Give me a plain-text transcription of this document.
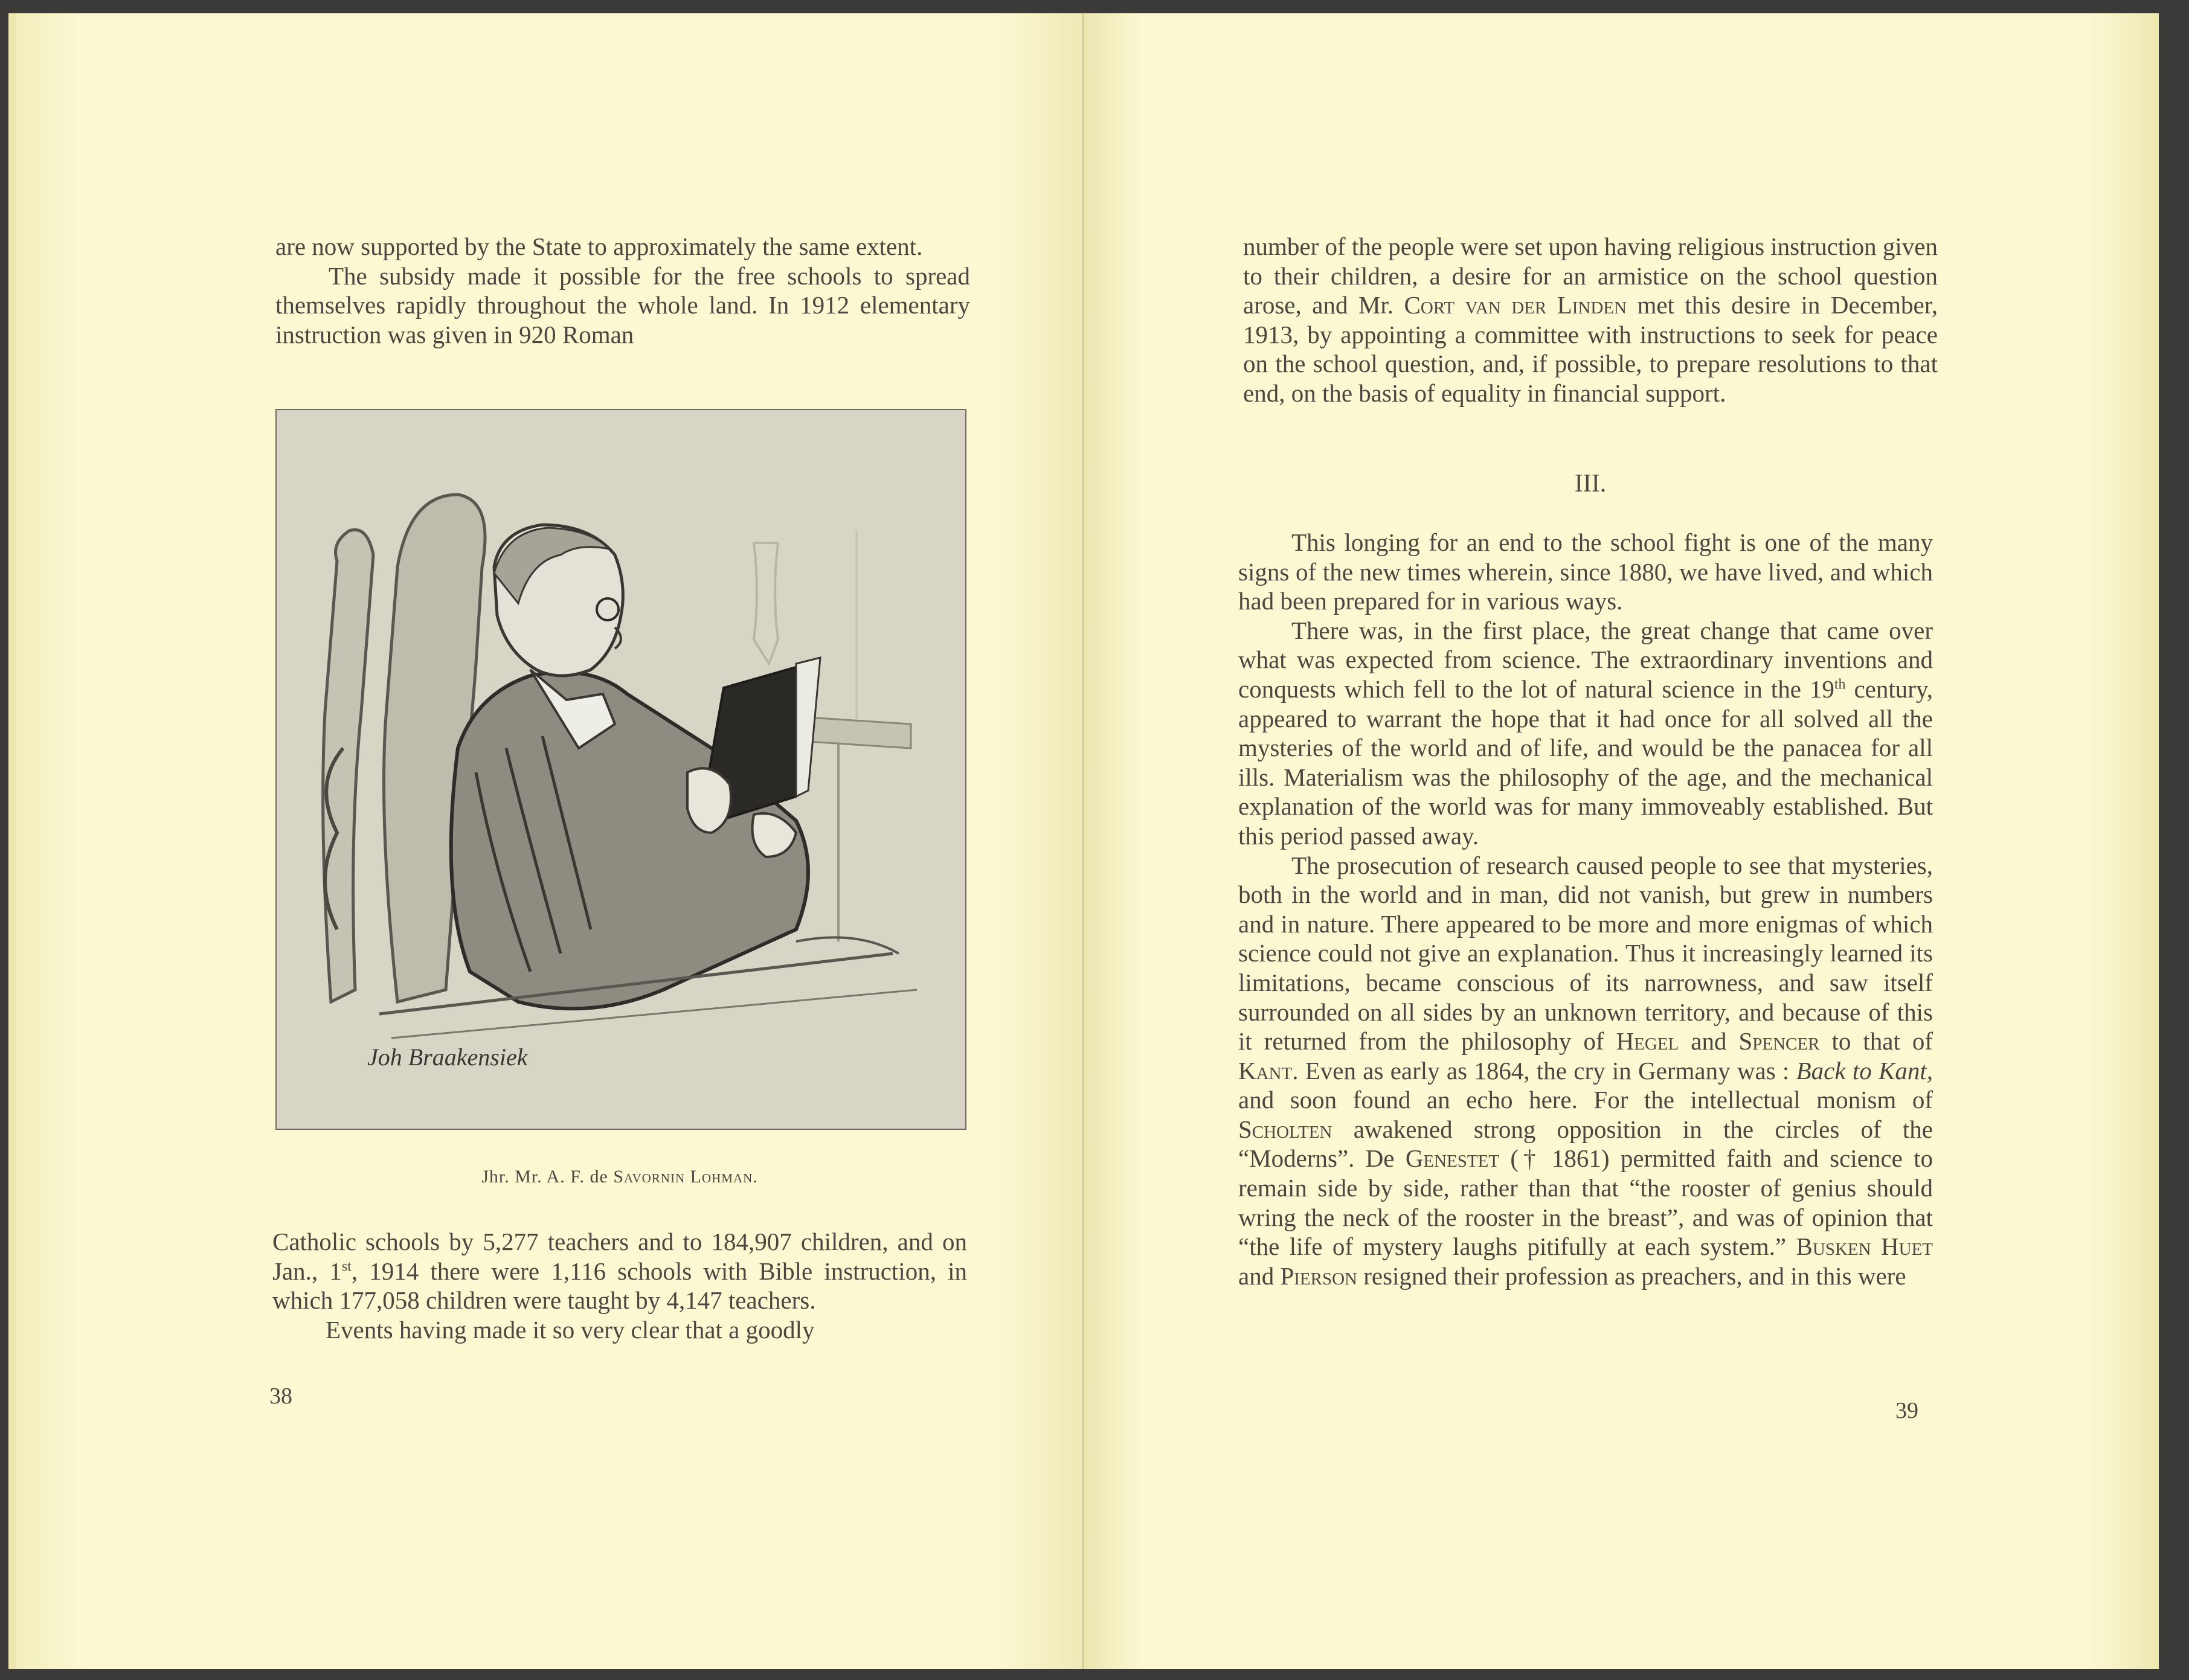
are now supported by the State to approximately the same extent.

The subsidy made it possible for the free schools to spread themselves rapidly throughout the whole land. In 1912 elementary instruction was given in 920 Roman

Joh Braakensiek
Jhr. Mr. A. F. de Savornin Lohman.

Catholic schools by 5,277 teachers and to 184,907 children, and on Jan., 1st, 1914 there were 1,116 schools with Bible instruction, in which 177,058 children were taught by 4,147 teachers.

Events having made it so very clear that a goodly

38

number of the people were set upon having religious instruction given to their children, a desire for an armistice on the school question arose, and Mr. Cort van der Linden met this desire in December, 1913, by appointing a committee with instructions to seek for peace on the school question, and, if possible, to prepare resolutions to that end, on the basis of equality in financial support.

III.

This longing for an end to the school fight is one of the many signs of the new times wherein, since 1880, we have lived, and which had been prepared for in various ways.

There was, in the first place, the great change that came over what was expected from science. The extraordinary inventions and conquests which fell to the lot of natural science in the 19th century, appeared to warrant the hope that it had once for all solved all the mysteries of the world and of life, and would be the panacea for all ills. Materialism was the philosophy of the age, and the mechanical explanation of the world was for many immoveably established. But this period passed away.

The prosecution of research caused people to see that mysteries, both in the world and in man, did not vanish, but grew in numbers and in nature. There appeared to be more and more enigmas of which science could not give an explanation. Thus it increasingly learned its limitations, became conscious of its narrowness, and saw itself surrounded on all sides by an unknown territory, and because of this it returned from the philosophy of Hegel and Spencer to that of Kant. Even as early as 1864, the cry in Germany was : Back to Kant, and soon found an echo here. For the intellectual monism of Scholten awakened strong opposition in the circles of the “Moderns”. De Genestet († 1861) permitted faith and science to remain side by side, rather than that “the rooster of genius should wring the neck of the rooster in the breast”, and was of opinion that “the life of mystery laughs pitifully at each system.” Busken Huet and Pierson resigned their profession as preachers, and in this were

39
